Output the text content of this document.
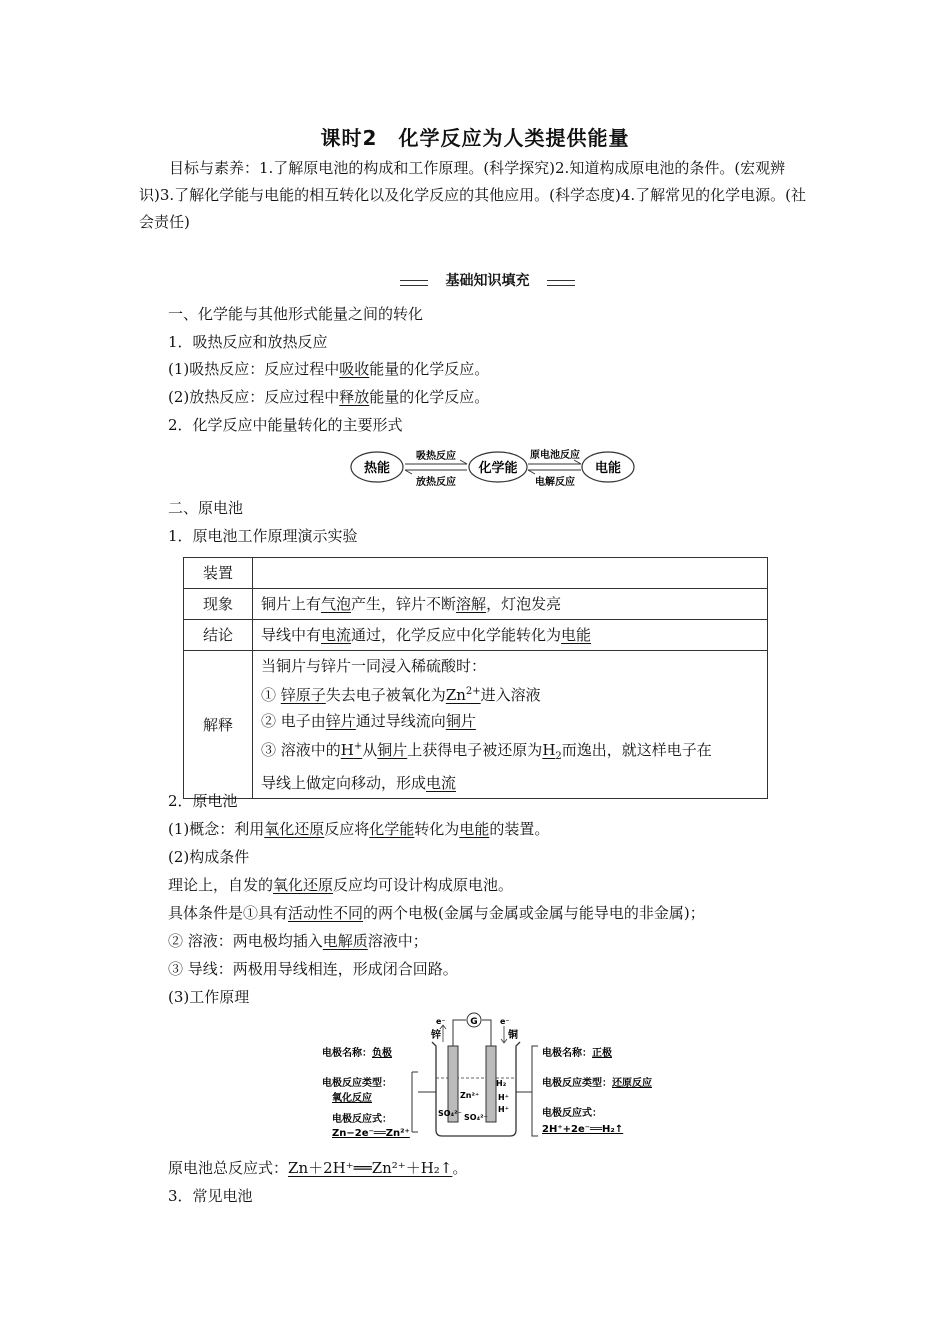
课时2　化学反应为人类提供能量
目标与素养：1.了解原电池的构成和工作原理。(科学探究)2.知道构成原电池的条件。(宏观辨识)3.了解化学能与电能的相互转化以及化学反应的其他应用。(科学态度)4.了解常见的化学电源。(社会责任)
基础知识填充
一、化学能与其他形式能量之间的转化
1．吸热反应和放热反应
(1)吸热反应：反应过程中吸收能量的化学反应。
(2)放热反应：反应过程中释放能量的化学反应。
2．化学反应中能量转化的主要形式
热能	化学能	电能
吸热反应
放热反应
原电池反应
电解反应
二、原电池
1．原电池工作原理演示实验
装置	
现象	铜片上有气泡产生，锌片不断溶解，灯泡发亮
结论	导线中有电流通过，化学反应中化学能转化为电能
解释	当铜片与锌片一同浸入稀硫酸时：
① 锌原子失去电子被氧化为$Zn^{2+}$进入溶液
② 电子由锌片通过导线流向铜片
③ 溶液中的H+从铜片上获得电子被还原为$H_2$而逸出，就这样电子在
导线上做定向移动，形成电流
2．原电池
(1)概念：利用氧化还原反应将化学能转化为电能的装置。
(2)构成条件
理论上，自发的氧化还原反应均可设计构成原电池。
具体条件是①具有活动性不同的两个电极(金属与金属或金属与能导电的非金属)；
② 溶液：两电极均插入电解质溶液中；
③ 导线：两极用导线相连，形成闭合回路。
(3)工作原理
电极名称：负极
电极反应类型：
氧化反应
电极反应式：
Zn−2e⁻══Zn²⁺
G
e⁻
锌
e⁻
铜
H₂
Zn²⁺ H⁺
SO₄²⁻	H⁺
SO₄²⁻
电极名称：正极
电极反应类型：还原反应
电极反应式：
2H⁺+2e⁻══H₂↑
原电池总反应式：Zn＋2H⁺══Zn²⁺＋H₂↑。
3．常见电池
